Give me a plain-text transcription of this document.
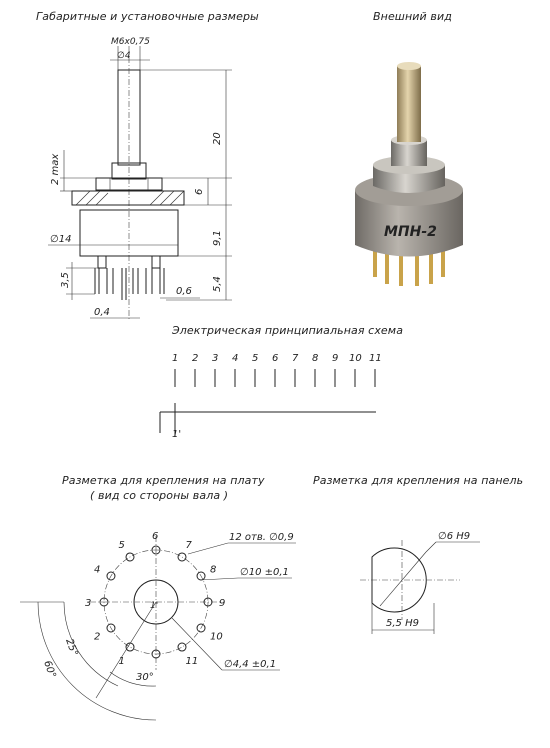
Габаритные и установочные размеры	Внешний вид
Электрическая принципиальная схема
Разметка для крепления на плату
( вид со стороны вала )
Разметка для крепления на панель
M6x0,75
∅4
20
6
9,1
5,4
2 max
∅14
3,5
0,4
0,6
МПН-2
1 2 3 4 5 6 7 8 9 10 11
1'
6
7
8
9
10
11
1
2
3
4
5
1'
12 отв. ∅0,9
∅10 ±0,1
∅4,4 ±0,1
60°
25°
30°
∅6 H9
5,5 H9
